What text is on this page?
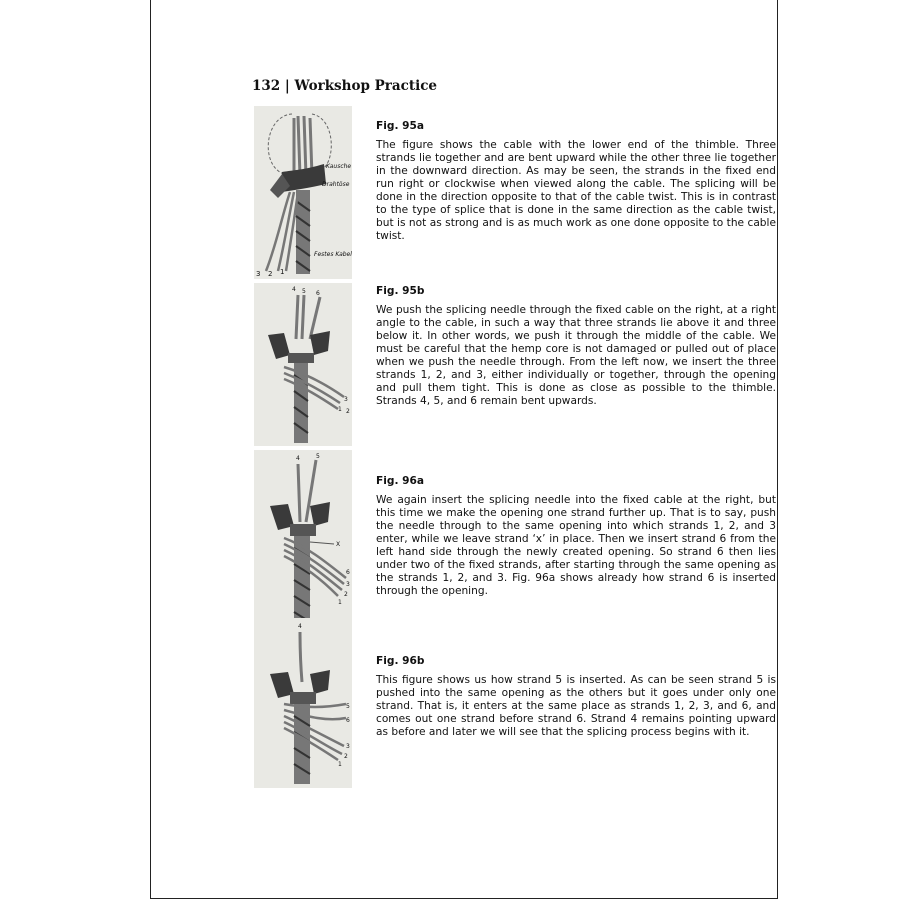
132 | Workshop Practice
Kausche
Drahtöse
Festes Kabel
3 2 1
4 5 6
3
1 2
4	5
X
6
3
2
1
4
5
6
3
2
1
Fig. 95a

The figure shows the cable with the lower end of the thimble. Three strands lie together and are bent upward while the other three lie together in the downward direction. As may be seen, the strands in the fixed end run right or clockwise when viewed along the cable. The splicing will be done in the direction opposite to that of the cable twist. This is in contrast to the type of splice that is done in the same direction as the cable twist, but is not as strong and is as much work as one done opposite to the cable twist.

Fig. 95b

We push the splicing needle through the fixed cable on the right, at a right angle to the cable, in such a way that three strands lie above it and three below it. In other words, we push it through the middle of the cable. We must be careful that the hemp core is not damaged or pulled out of place when we push the needle through. From the left now, we insert the three strands 1, 2, and 3, either individually or together, through the opening and pull them tight. This is done as close as possible to the thimble. Strands 4, 5, and 6 remain bent upwards.

Fig. 96a

We again insert the splicing needle into the fixed cable at the right, but this time we make the opening one strand further up. That is to say, push the needle through to the same opening into which strands 1, 2, and 3 enter, while we leave strand ‘x’ in place. Then we insert strand 6 from the left hand side through the newly created opening. So strand 6 then lies under two of the fixed strands, after starting through the same opening as the strands 1, 2, and 3. Fig. 96a shows already how strand 6 is inserted through the opening.

Fig. 96b

This figure shows us how strand 5 is inserted. As can be seen strand 5 is pushed into the same opening as the others but it goes under only one strand. That is, it enters at the same place as strands 1, 2, 3, and 6, and comes out one strand before strand 6. Strand 4 remains pointing upward as before and later we will see that the splicing process begins with it.
